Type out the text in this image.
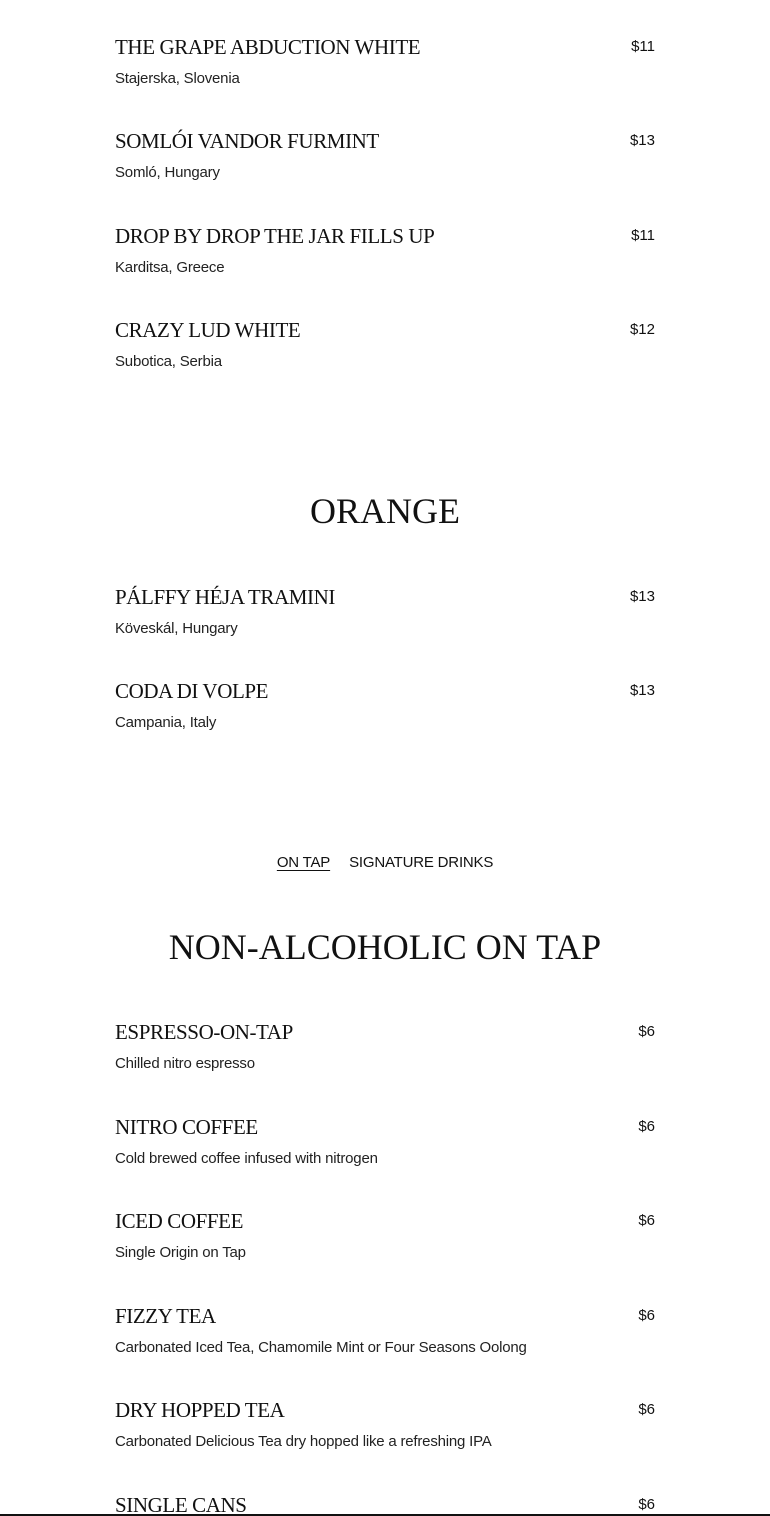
THE GRAPE ABDUCTION WHITE	$11
Stajerska, Slovenia
SOMLÓI VANDOR FURMINT	$13
Somló, Hungary
DROP BY DROP THE JAR FILLS UP	$11
Karditsa, Greece
CRAZY LUD WHITE	$12
Subotica, Serbia
ORANGE
PÁLFFY HÉJA TRAMINI	$13
Köveskál, Hungary
CODA DI VOLPE	$13
Campania, Italy
ON TAP SIGNATURE DRINKS
NON-ALCOHOLIC ON TAP
ESPRESSO-ON-TAP	$6
Chilled nitro espresso
NITRO COFFEE	$6
Cold brewed coffee infused with nitrogen
ICED COFFEE	$6
Single Origin on Tap
FIZZY TEA	$6
Carbonated Iced Tea, Chamomile Mint or Four Seasons Oolong
DRY HOPPED TEA	$6
Carbonated Delicious Tea dry hopped like a refreshing IPA
SINGLE CANS	$6
